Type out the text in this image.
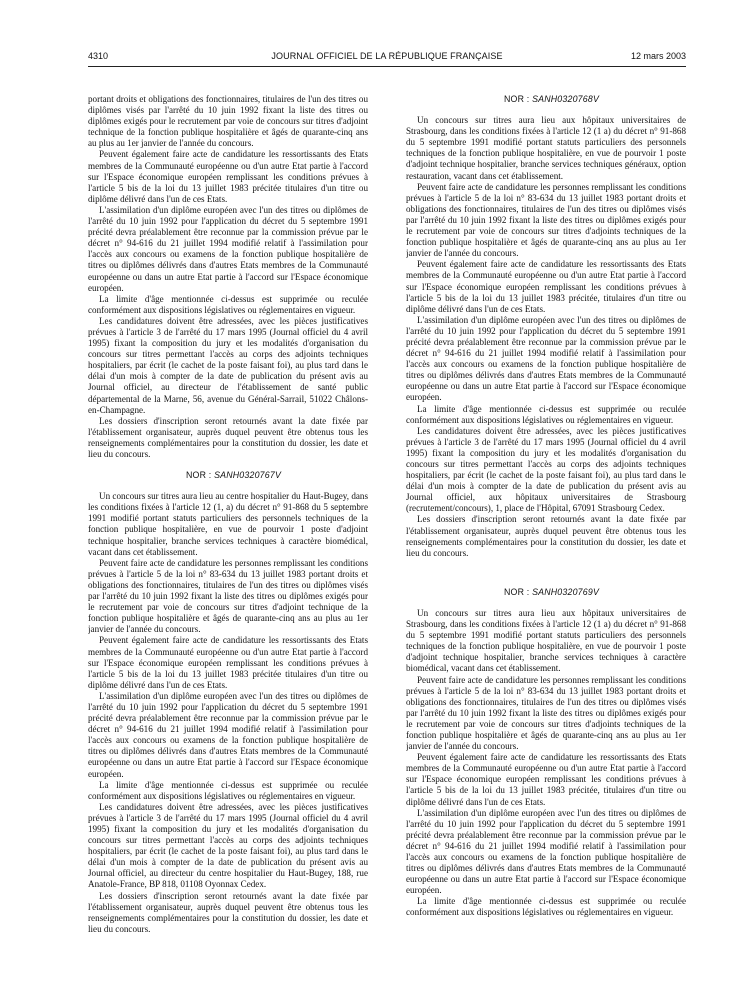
4310	JOURNAL OFFICIEL DE LA RÉPUBLIQUE FRANÇAISE	12 mars 2003

portant droits et obligations des fonctionnaires, titulaires de l'un des titres ou diplômes visés par l'arrêté du 10 juin 1992 fixant la liste des titres ou diplômes exigés pour le recrutement par voie de concours sur titres d'adjoint technique de la fonction publique hospitalière et âgés de quarante-cinq ans au plus au 1er janvier de l'année du concours.

Peuvent également faire acte de candidature les ressortissants des Etats membres de la Communauté européenne ou d'un autre Etat partie à l'accord sur l'Espace économique européen remplissant les conditions prévues à l'article 5 bis de la loi du 13 juillet 1983 précitée titulaires d'un titre ou diplôme délivré dans l'un de ces Etats.

L'assimilation d'un diplôme européen avec l'un des titres ou diplômes de l'arrêté du 10 juin 1992 pour l'application du décret du 5 septembre 1991 précité devra préalablement être reconnue par la commission prévue par le décret n° 94-616 du 21 juillet 1994 modifié relatif à l'assimilation pour l'accès aux concours ou examens de la fonction publique hospitalière de titres ou diplômes délivrés dans d'autres Etats membres de la Communauté européenne ou dans un autre Etat partie à l'accord sur l'Espace économique européen.

La limite d'âge mentionnée ci-dessus est supprimée ou reculée conformément aux dispositions législatives ou réglementaires en vigueur.

Les candidatures doivent être adressées, avec les pièces justificatives prévues à l'article 3 de l'arrêté du 17 mars 1995 (Journal officiel du 4 avril 1995) fixant la composition du jury et les modalités d'organisation du concours sur titres permettant l'accès au corps des adjoints techniques hospitaliers, par écrit (le cachet de la poste faisant foi), au plus tard dans le délai d'un mois à compter de la date de publication du présent avis au Journal officiel, au directeur de l'établissement de santé public départemental de la Marne, 56, avenue du Général-Sarrail, 51022 Châlons-en-Champagne.

Les dossiers d'inscription seront retournés avant la date fixée par l'établissement organisateur, auprès duquel peuvent être obtenus tous les renseignements complémentaires pour la constitution du dossier, les date et lieu du concours.

NOR : SANH0320767V

Un concours sur titres aura lieu au centre hospitalier du Haut-Bugey, dans les conditions fixées à l'article 12 (1, a) du décret n° 91-868 du 5 septembre 1991 modifié portant statuts particuliers des personnels techniques de la fonction publique hospitalière, en vue de pourvoir 1 poste d'adjoint technique hospitalier, branche services techniques à caractère biomédical, vacant dans cet établissement.

Peuvent faire acte de candidature les personnes remplissant les conditions prévues à l'article 5 de la loi n° 83-634 du 13 juillet 1983 portant droits et obligations des fonctionnaires, titulaires de l'un des titres ou diplômes visés par l'arrêté du 10 juin 1992 fixant la liste des titres ou diplômes exigés pour le recrutement par voie de concours sur titres d'adjoint technique de la fonction publique hospitalière et âgés de quarante-cinq ans au plus au 1er janvier de l'année du concours.

Peuvent également faire acte de candidature les ressortissants des Etats membres de la Communauté européenne ou d'un autre Etat partie à l'accord sur l'Espace économique européen remplissant les conditions prévues à l'article 5 bis de la loi du 13 juillet 1983 précitée titulaires d'un titre ou diplôme délivré dans l'un de ces Etats.

L'assimilation d'un diplôme européen avec l'un des titres ou diplômes de l'arrêté du 10 juin 1992 pour l'application du décret du 5 septembre 1991 précité devra préalablement être reconnue par la commission prévue par le décret n° 94-616 du 21 juillet 1994 modifié relatif à l'assimilation pour l'accès aux concours ou examens de la fonction publique hospitalière de titres ou diplômes délivrés dans d'autres Etats membres de la Communauté européenne ou dans un autre Etat partie à l'accord sur l'Espace économique européen.

La limite d'âge mentionnée ci-dessus est supprimée ou reculée conformément aux dispositions législatives ou réglementaires en vigueur.

Les candidatures doivent être adressées, avec les pièces justificatives prévues à l'article 3 de l'arrêté du 17 mars 1995 (Journal officiel du 4 avril 1995) fixant la composition du jury et les modalités d'organisation du concours sur titres permettant l'accès au corps des adjoints techniques hospitaliers, par écrit (le cachet de la poste faisant foi), au plus tard dans le délai d'un mois à compter de la date de publication du présent avis au Journal officiel, au directeur du centre hospitalier du Haut-Bugey, 188, rue Anatole-France, BP 818, 01108 Oyonnax Cedex.

Les dossiers d'inscription seront retournés avant la date fixée par l'établissement organisateur, auprès duquel peuvent être obtenus tous les renseignements complémentaires pour la constitution du dossier, les date et lieu du concours.

NOR : SANH0320768V

Un concours sur titres aura lieu aux hôpitaux universitaires de Strasbourg, dans les conditions fixées à l'article 12 (1 a) du décret n° 91-868 du 5 septembre 1991 modifié portant statuts particuliers des personnels techniques de la fonction publique hospitalière, en vue de pourvoir 1 poste d'adjoint technique hospitalier, branche services techniques généraux, option restauration, vacant dans cet établissement.

Peuvent faire acte de candidature les personnes remplissant les conditions prévues à l'article 5 de la loi n° 83-634 du 13 juillet 1983 portant droits et obligations des fonctionnaires, titulaires de l'un des titres ou diplômes visés par l'arrêté du 10 juin 1992 fixant la liste des titres ou diplômes exigés pour le recrutement par voie de concours sur titres d'adjoints techniques de la fonction publique hospitalière et âgés de quarante-cinq ans au plus au 1er janvier de l'année du concours.

Peuvent également faire acte de candidature les ressortissants des Etats membres de la Communauté européenne ou d'un autre Etat partie à l'accord sur l'Espace économique européen remplissant les conditions prévues à l'article 5 bis de la loi du 13 juillet 1983 précitée, titulaires d'un titre ou diplôme délivré dans l'un de ces Etats.

L'assimilation d'un diplôme européen avec l'un des titres ou diplômes de l'arrêté du 10 juin 1992 pour l'application du décret du 5 septembre 1991 précité devra préalablement être reconnue par la commission prévue par le décret n° 94-616 du 21 juillet 1994 modifié relatif à l'assimilation pour l'accès aux concours ou examens de la fonction publique hospitalière de titres ou diplômes délivrés dans d'autres Etats membres de la Communauté européenne ou dans un autre Etat partie à l'accord sur l'Espace économique européen.

La limite d'âge mentionnée ci-dessus est supprimée ou reculée conformément aux dispositions législatives ou réglementaires en vigueur.

Les candidatures doivent être adressées, avec les pièces justificatives prévues à l'article 3 de l'arrêté du 17 mars 1995 (Journal officiel du 4 avril 1995) fixant la composition du jury et les modalités d'organisation du concours sur titres permettant l'accès au corps des adjoints techniques hospitaliers, par écrit (le cachet de la poste faisant foi), au plus tard dans le délai d'un mois à compter de la date de publication du présent avis au Journal officiel, aux hôpitaux universitaires de Strasbourg (recrutement/concours), 1, place de l'Hôpital, 67091 Strasbourg Cedex.

Les dossiers d'inscription seront retournés avant la date fixée par l'établissement organisateur, auprès duquel peuvent être obtenus tous les renseignements complémentaires pour la constitution du dossier, les date et lieu du concours.

NOR : SANH0320769V

Un concours sur titres aura lieu aux hôpitaux universitaires de Strasbourg, dans les conditions fixées à l'article 12 (1 a) du décret n° 91-868 du 5 septembre 1991 modifié portant statuts particuliers des personnels techniques de la fonction publique hospitalière, en vue de pourvoir 1 poste d'adjoint technique hospitalier, branche services techniques à caractère biomédical, vacant dans cet établissement.

Peuvent faire acte de candidature les personnes remplissant les conditions prévues à l'article 5 de la loi n° 83-634 du 13 juillet 1983 portant droits et obligations des fonctionnaires, titulaires de l'un des titres ou diplômes visés par l'arrêté du 10 juin 1992 fixant la liste des titres ou diplômes exigés pour le recrutement par voie de concours sur titres d'adjoints techniques de la fonction publique hospitalière et âgés de quarante-cinq ans au plus au 1er janvier de l'année du concours.

Peuvent également faire acte de candidature les ressortissants des Etats membres de la Communauté européenne ou d'un autre Etat partie à l'accord sur l'Espace économique européen remplissant les conditions prévues à l'article 5 bis de la loi du 13 juillet 1983 précitée, titulaires d'un titre ou diplôme délivré dans l'un de ces Etats.

L'assimilation d'un diplôme européen avec l'un des titres ou diplômes de l'arrêté du 10 juin 1992 pour l'application du décret du 5 septembre 1991 précité devra préalablement être reconnue par la commission prévue par le décret n° 94-616 du 21 juillet 1994 modifié relatif à l'assimilation pour l'accès aux concours ou examens de la fonction publique hospitalière de titres ou diplômes délivrés dans d'autres Etats membres de la Communauté européenne ou dans un autre Etat partie à l'accord sur l'Espace économique européen.

La limite d'âge mentionnée ci-dessus est supprimée ou reculée conformément aux dispositions législatives ou réglementaires en vigueur.
